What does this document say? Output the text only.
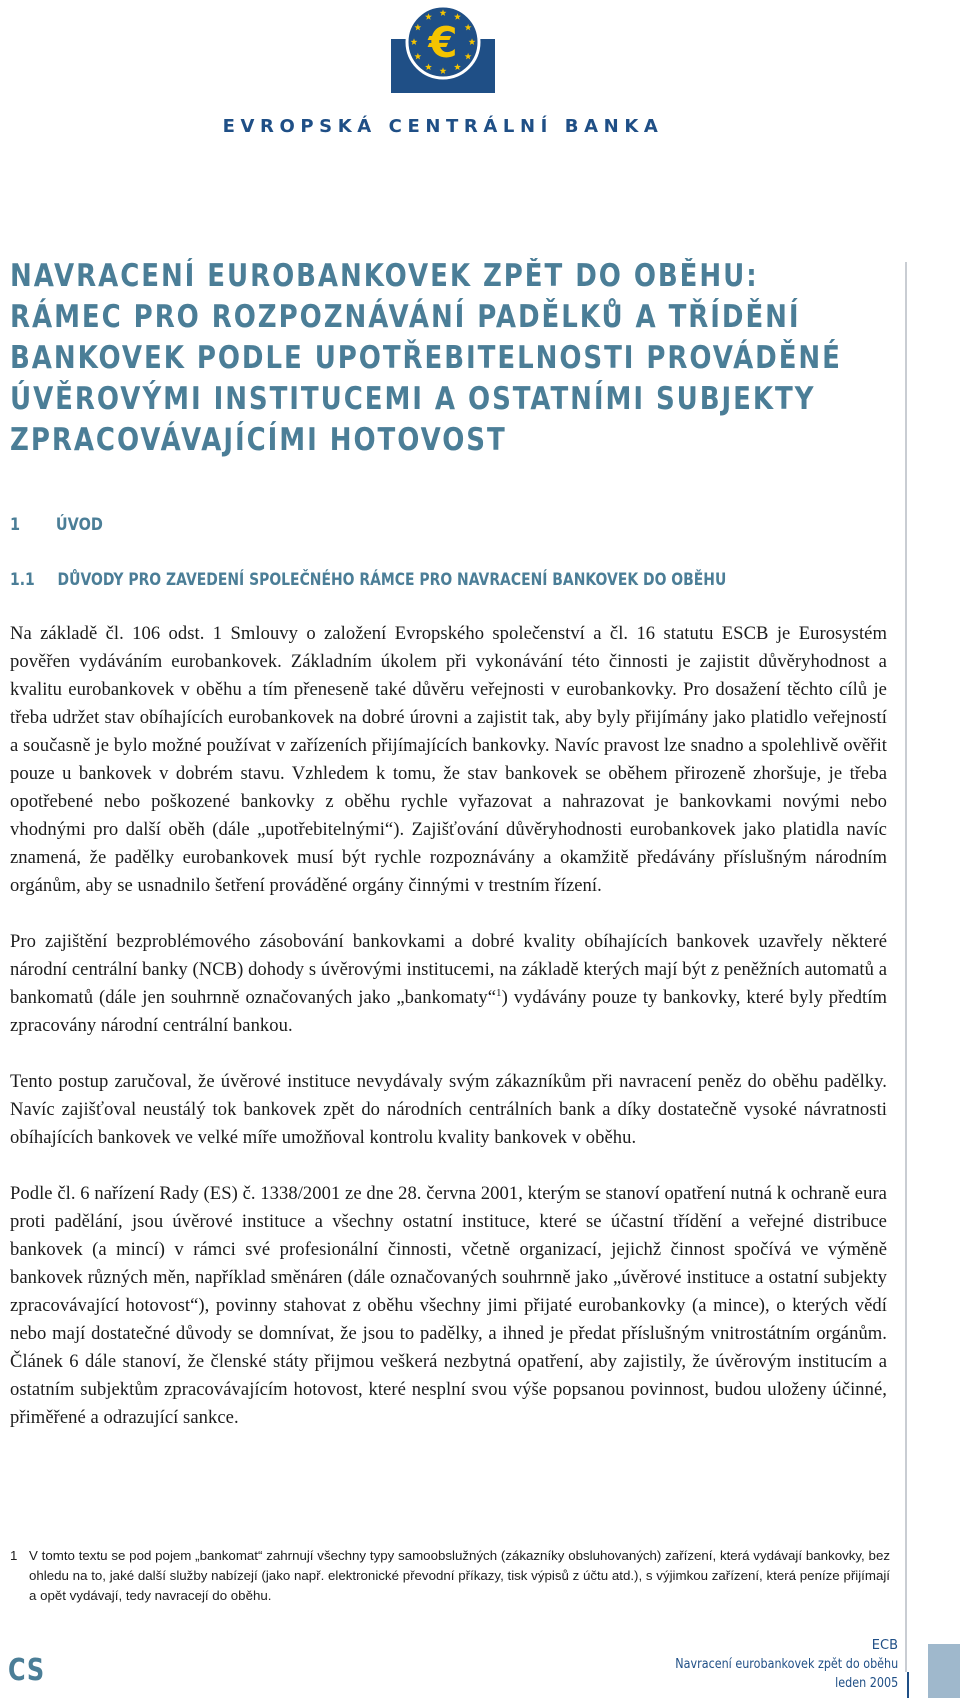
€
EVROPSKÁ CENTRÁLNÍ BANKA
NAVRACENÍ EUROBANKOVEK ZPĚT DO OBĚHU:
RÁMEC PRO ROZPOZNÁVÁNÍ PADĚLKŮ A TŘÍDĚNÍ
BANKOVEK PODLE UPOTŘEBITELNOSTI PROVÁDĚNÉ
ÚVĚROVÝMI INSTITUCEMI A OSTATNÍMI SUBJEKTY
ZPRACOVÁVAJÍCÍMI HOTOVOST
1	ÚVOD
1.1	DŮVODY PRO ZAVEDENÍ SPOLEČNÉHO RÁMCE PRO NAVRACENÍ BANKOVEK DO OBĚHU

Na základě čl. 106 odst. 1 Smlouvy o založení Evropského společenství a čl. 16 statutu ESCB je Eurosystém pověřen vydáváním eurobankovek. Základním úkolem při vykonávání této činnosti je zajistit důvěryhodnost a kvalitu eurobankovek v oběhu a tím přeneseně také důvěru veřejnosti v eurobankovky. Pro dosažení těchto cílů je třeba udržet stav obíhajících eurobankovek na dobré úrovni a zajistit tak, aby byly přijímány jako platidlo veřejností a současně je bylo možné používat v zařízeních přijímajících bankovky. Navíc pravost lze snadno a spolehlivě ověřit pouze u bankovek v dobrém stavu. Vzhledem k tomu, že stav bankovek se oběhem přirozeně zhoršuje, je třeba opotřebené nebo poškozené bankovky z oběhu rychle vyřazovat a nahrazovat je bankovkami novými nebo vhodnými pro další oběh (dále „upotřebitelnými“). Zajišťování důvěryhodnosti eurobankovek jako platidla navíc znamená, že padělky eurobankovek musí být rychle rozpoznávány a okamžitě předávány příslušným národním orgánům, aby se usnadnilo šetření prováděné orgány činnými v trestním řízení.

Pro zajištění bezproblémového zásobování bankovkami a dobré kvality obíhajících bankovek uzavřely některé národní centrální banky (NCB) dohody s úvěrovými institucemi, na základě kterých mají být z peněžních automatů a bankomatů (dále jen souhrnně označovaných jako „bankomaty“$^1$) vydávány pouze ty bankovky, které byly předtím zpracovány národní centrální bankou.

Tento postup zaručoval, že úvěrové instituce nevydávaly svým zákazníkům při navracení peněz do oběhu padělky. Navíc zajišťoval neustálý tok bankovek zpět do národních centrálních bank a díky dostatečně vysoké návratnosti obíhajících bankovek ve velké míře umožňoval kontrolu kvality bankovek v oběhu.

Podle čl. 6 nařízení Rady (ES) č. 1338/2001 ze dne 28. června 2001, kterým se stanoví opatření nutná k ochraně eura proti padělání, jsou úvěrové instituce a všechny ostatní instituce, které se účastní třídění a veřejné distribuce bankovek (a mincí) v rámci své profesionální činnosti, včetně organizací, jejichž činnost spočívá ve výměně bankovek různých měn, například směnáren (dále označovaných souhrnně jako „úvěrové instituce a ostatní subjekty zpracovávající hotovost“), povinny stahovat z oběhu všechny jimi přijaté eurobankovky (a mince), o kterých vědí nebo mají dostatečné důvody se domnívat, že jsou to padělky, a ihned je předat příslušným vnitrostátním orgánům. Článek 6 dále stanoví, že členské státy přijmou veškerá nezbytná opatření, aby zajistily, že úvěrovým institucím a ostatním subjektům zpracovávajícím hotovost, které nesplní svou výše popsanou povinnost, budou uloženy účinné, přiměřené a odrazující sankce.

1 V tomto textu se pod pojem „bankomat“ zahrnují všechny typy samoobslužných (zákazníky obsluhovaných) zařízení, která vydávají bankovky, bez ohledu na to, jaké další služby nabízejí (jako např. elektronické převodní příkazy, tisk výpisů z účtu atd.), s výjimkou zařízení, která peníze přijímají a opět vydávají, tedy navracejí do oběhu.
CS
ECB
Navracení eurobankovek zpět do oběhu
leden 2005
